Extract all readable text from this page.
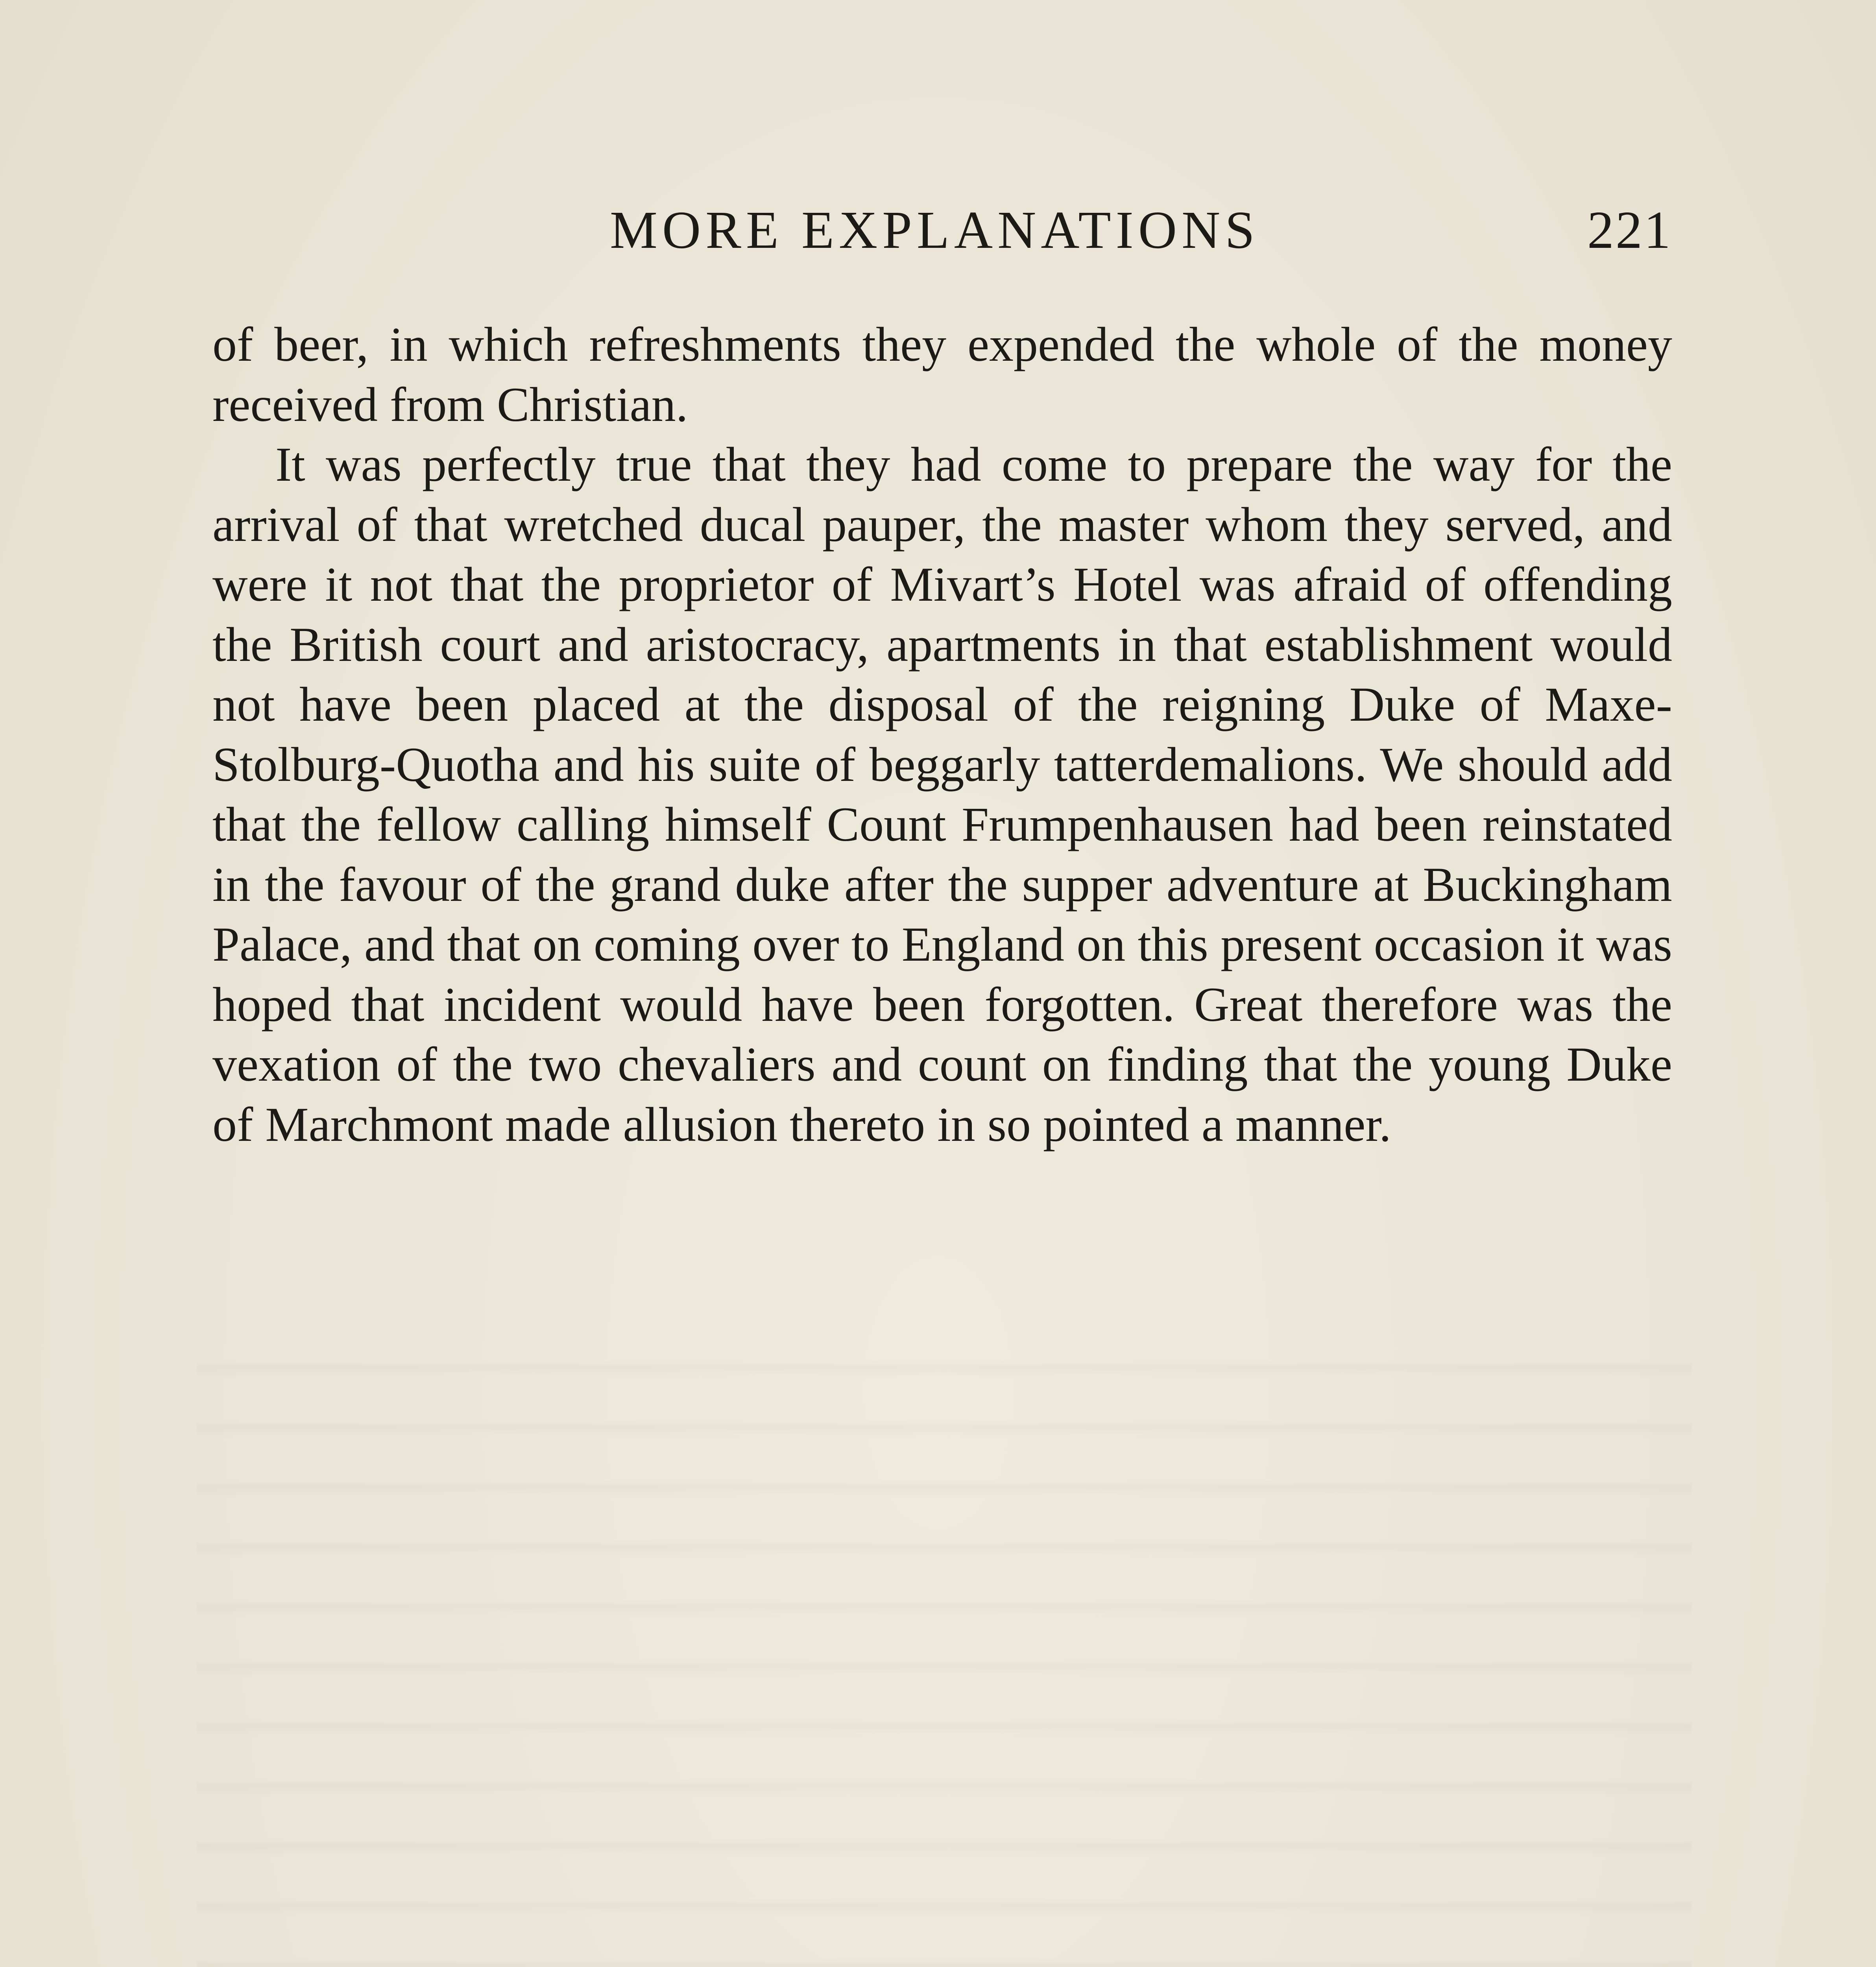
MORE EXPLANATIONS	221

of beer, in which refreshments they expended the whole of the money received from Christian.

It was perfectly true that they had come to prepare the way for the arrival of that wretched ducal pauper, the master whom they served, and were it not that the proprietor of Mivart’s Hotel was afraid of offending the British court and aristocracy, apartments in that establishment would not have been placed at the disposal of the reigning Duke of Maxe-Stolburg-Quotha and his suite of beggarly tatterdemalions. We should add that the fellow calling himself Count Frumpenhausen had been reinstated in the favour of the grand duke after the supper adventure at Buckingham Palace, and that on coming over to England on this present occasion it was hoped that incident would have been forgotten. Great therefore was the vexation of the two chevaliers and count on finding that the young Duke of Marchmont made allusion thereto in so pointed a manner.
